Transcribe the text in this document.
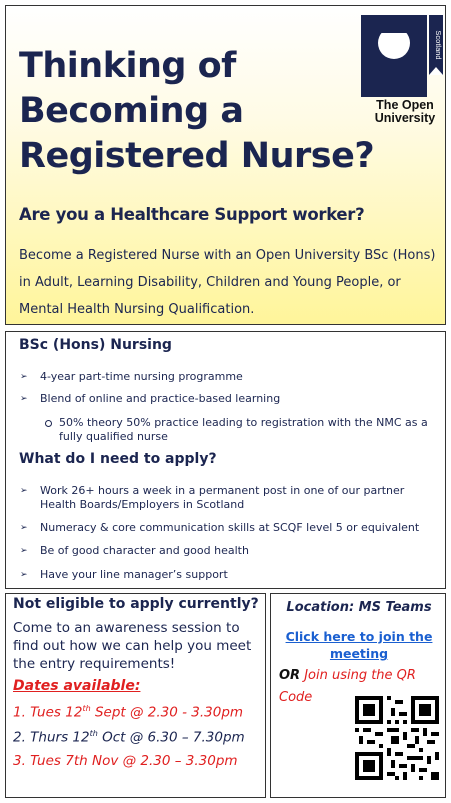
Thinking of
Becoming a
Registered Nurse?
Are you a Healthcare Support worker?
Become a Registered Nurse with an Open University BSc (Hons) in Adult, Learning Disability, Children and Young People, or Mental Health Nursing Qualification.
Scotland
The Open
University
BSc (Hons) Nursing
➢ 4-year part-time nursing programme
➢ Blend of online and practice-based learning
50% theory 50% practice leading to registration with the NMC as a fully qualified nurse
What do I need to apply?
➢ Work 26+ hours a week in a permanent post in one of our partner Health Boards/Employers in Scotland
➢ Numeracy & core communication skills at SCQF level 5 or equivalent
➢ Be of good character and good health
➢ Have your line manager’s support
Not eligible to apply currently?
Come to an awareness session to find out how we can help you meet the entry requirements!
Dates available:
1. Tues 12th Sept @ 2.30 - 3.30pm
2. Thurs 12th Oct @ 6.30 – 7.30pm
3. Tues 7th Nov @ 2.30 – 3.30pm
Location: MS Teams
Click here to join the meeting
OR Join using the QR Code
